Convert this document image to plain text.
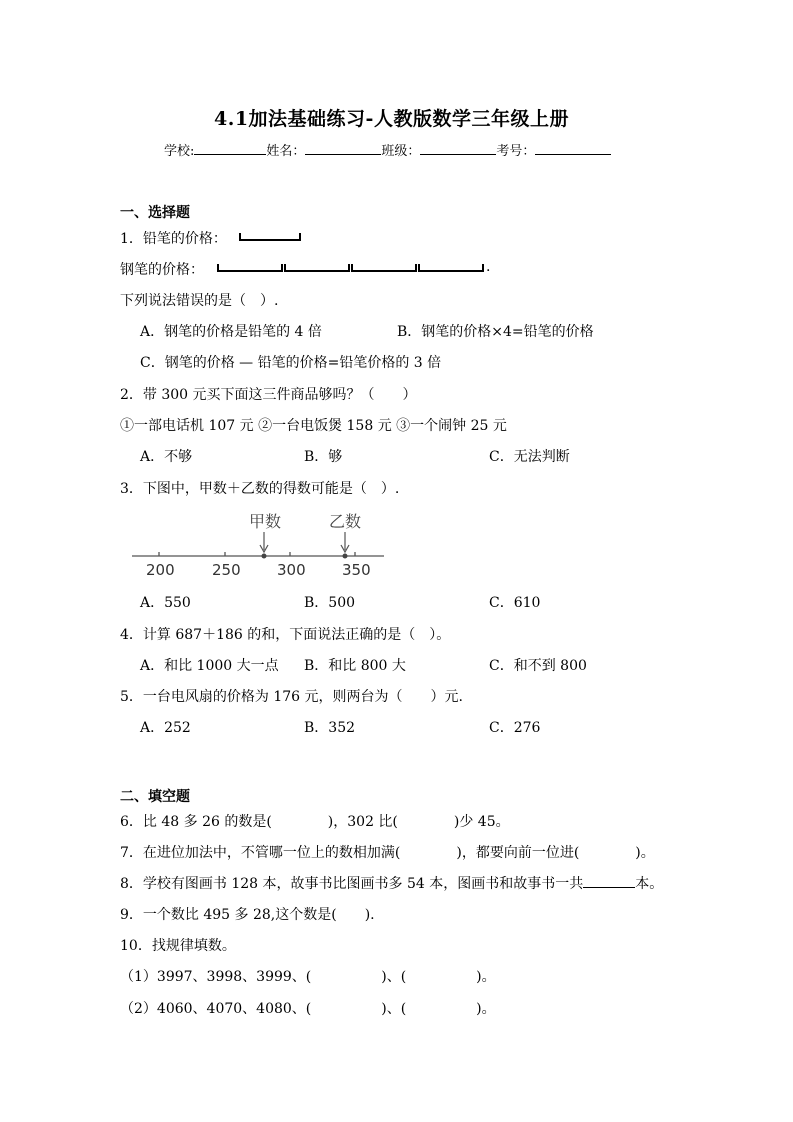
4.1加法基础练习-人教版数学三年级上册
学校:	姓名：	班级：	考号：
一、选择题
1．铅笔的价格：
钢笔的价格：	.
下列说法错误的是（　）.
A．钢笔的价格是铅笔的 4 倍	B．钢笔的价格×4=铅笔的价格
C．钢笔的价格 — 铅笔的价格=铅笔价格的 3 倍
2．带 300 元买下面这三件商品够吗？（　　）
①一部电话机 107 元 ②一台电饭煲 158 元 ③一个闹钟 25 元
A．不够	B．够	C．无法判断
3．下图中，甲数＋乙数的得数可能是（　）.
甲数	乙数
200 250 300 350
A．550	B．500	C．610
4．计算 687＋186 的和，下面说法正确的是（　）。
A．和比 1000 大一点 B．和比 800 大	C．和不到 800
5．一台电风扇的价格为 176 元，则两台为（　　）元.
A．252	B．352	C．276
二、填空题
6．比 48 多 26 的数是(　　　　)，302 比(　　　　)少 45。
7．在进位加法中，不管哪一位上的数相加满(　　　　)，都要向前一位进(　　　　)。
8．学校有图画书 128 本，故事书比图画书多 54 本，图画书和故事书一共	本。
9．一个数比 495 多 28,这个数是(　　).
10．找规律填数。
（1）3997、3998、3999、(　　　　　)、(　　　　　)。
（2）4060、4070、4080、(　　　　　)、(　　　　　)。
